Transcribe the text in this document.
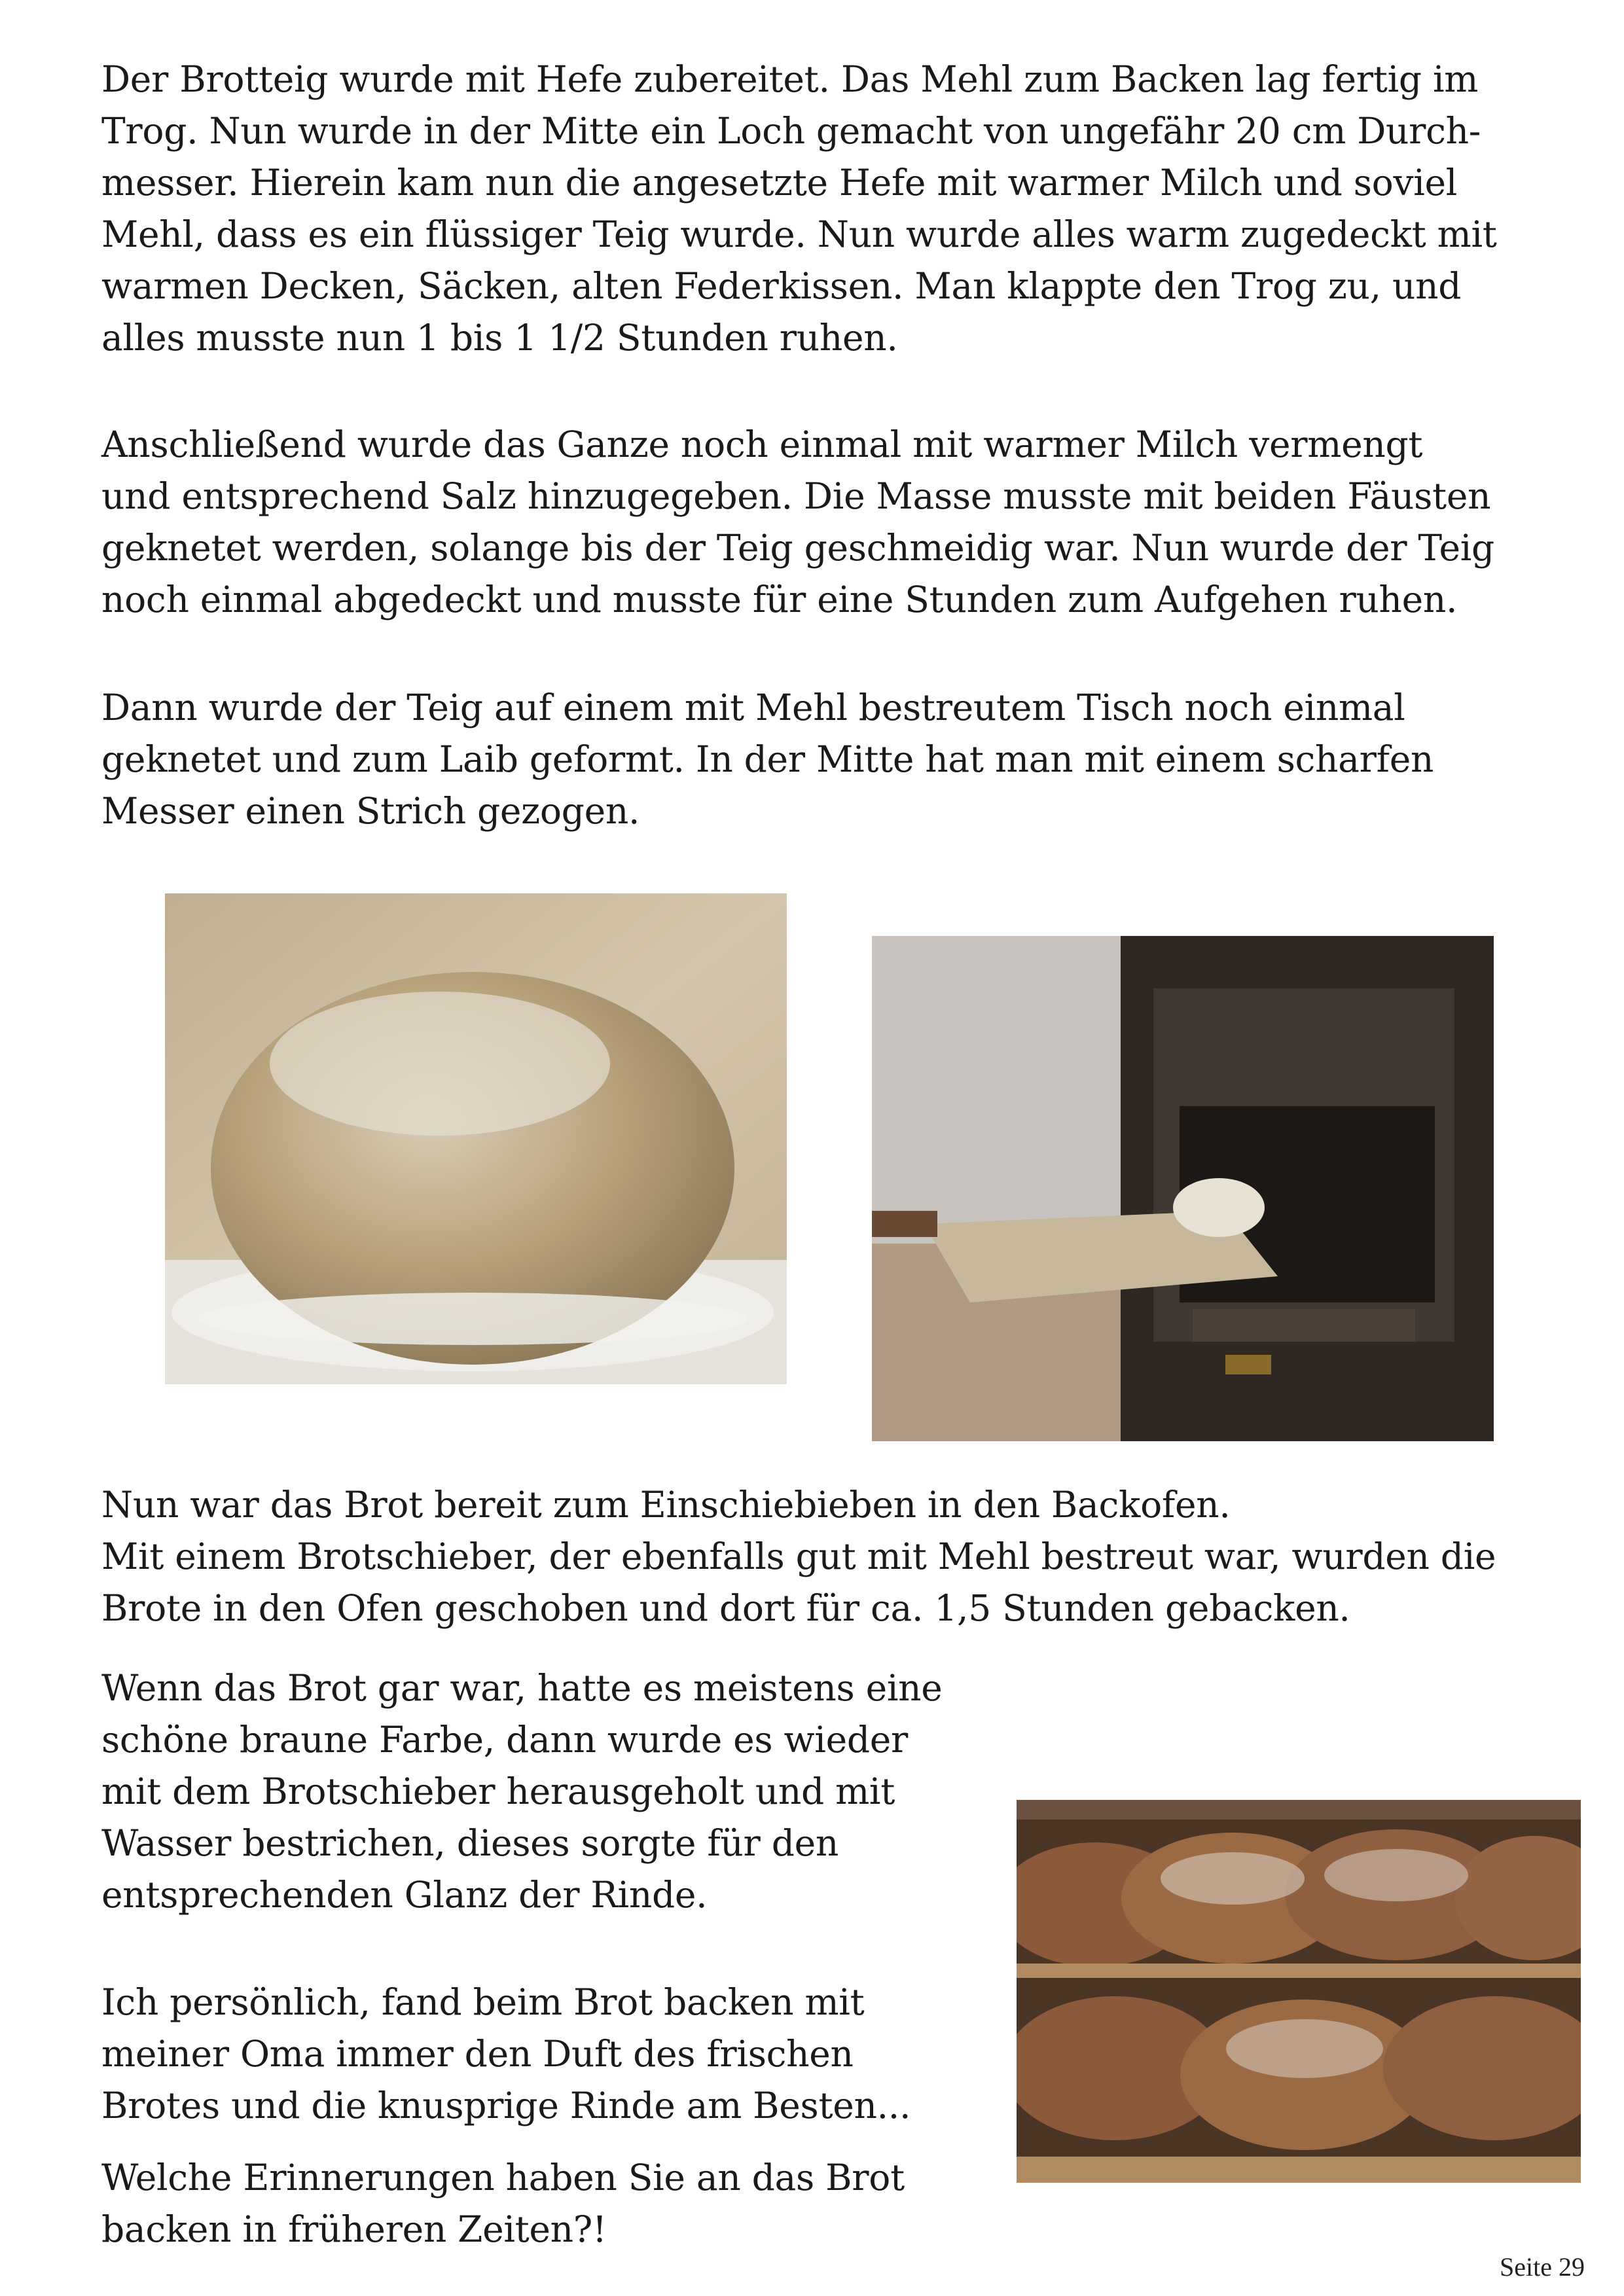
Der Brotteig wurde mit Hefe zubereitet. Das Mehl zum Backen lag fertig im
Trog. Nun wurde in der Mitte ein Loch gemacht von ungefähr 20 cm Durch-
messer. Hierein kam nun die angesetzte Hefe mit warmer Milch und soviel
Mehl, dass es ein flüssiger Teig wurde. Nun wurde alles warm zugedeckt mit
warmen Decken, Säcken, alten Federkissen. Man klappte den Trog zu, und
alles musste nun 1 bis 1 1/2 Stunden ruhen.

Anschließend wurde das Ganze noch einmal mit warmer Milch vermengt
und entsprechend Salz hinzugegeben. Die Masse musste mit beiden Fäusten
geknetet werden, solange bis der Teig geschmeidig war. Nun wurde der Teig
noch einmal abgedeckt und musste für eine Stunden zum Aufgehen ruhen.

Dann wurde der Teig auf einem mit Mehl bestreutem Tisch noch einmal
geknetet und zum Laib geformt. In der Mitte hat man mit einem scharfen
Messer einen Strich gezogen.

Nun war das Brot bereit zum Einschiebieben in den Backofen.
Mit einem Brotschieber, der ebenfalls gut mit Mehl bestreut war, wurden die
Brote in den Ofen geschoben und dort für ca. 1,5 Stunden gebacken.

Wenn das Brot gar war, hatte es meistens eine
schöne braune Farbe, dann wurde es wieder
mit dem Brotschieber herausgeholt und mit
Wasser bestrichen, dieses sorgte für den
entsprechenden Glanz der Rinde.

Ich persönlich, fand beim Brot backen mit
meiner Oma immer den Duft des frischen
Brotes und die knusprige Rinde am Besten...

Welche Erinnerungen haben Sie an das Brot
backen in früheren Zeiten?!

Seite 29
